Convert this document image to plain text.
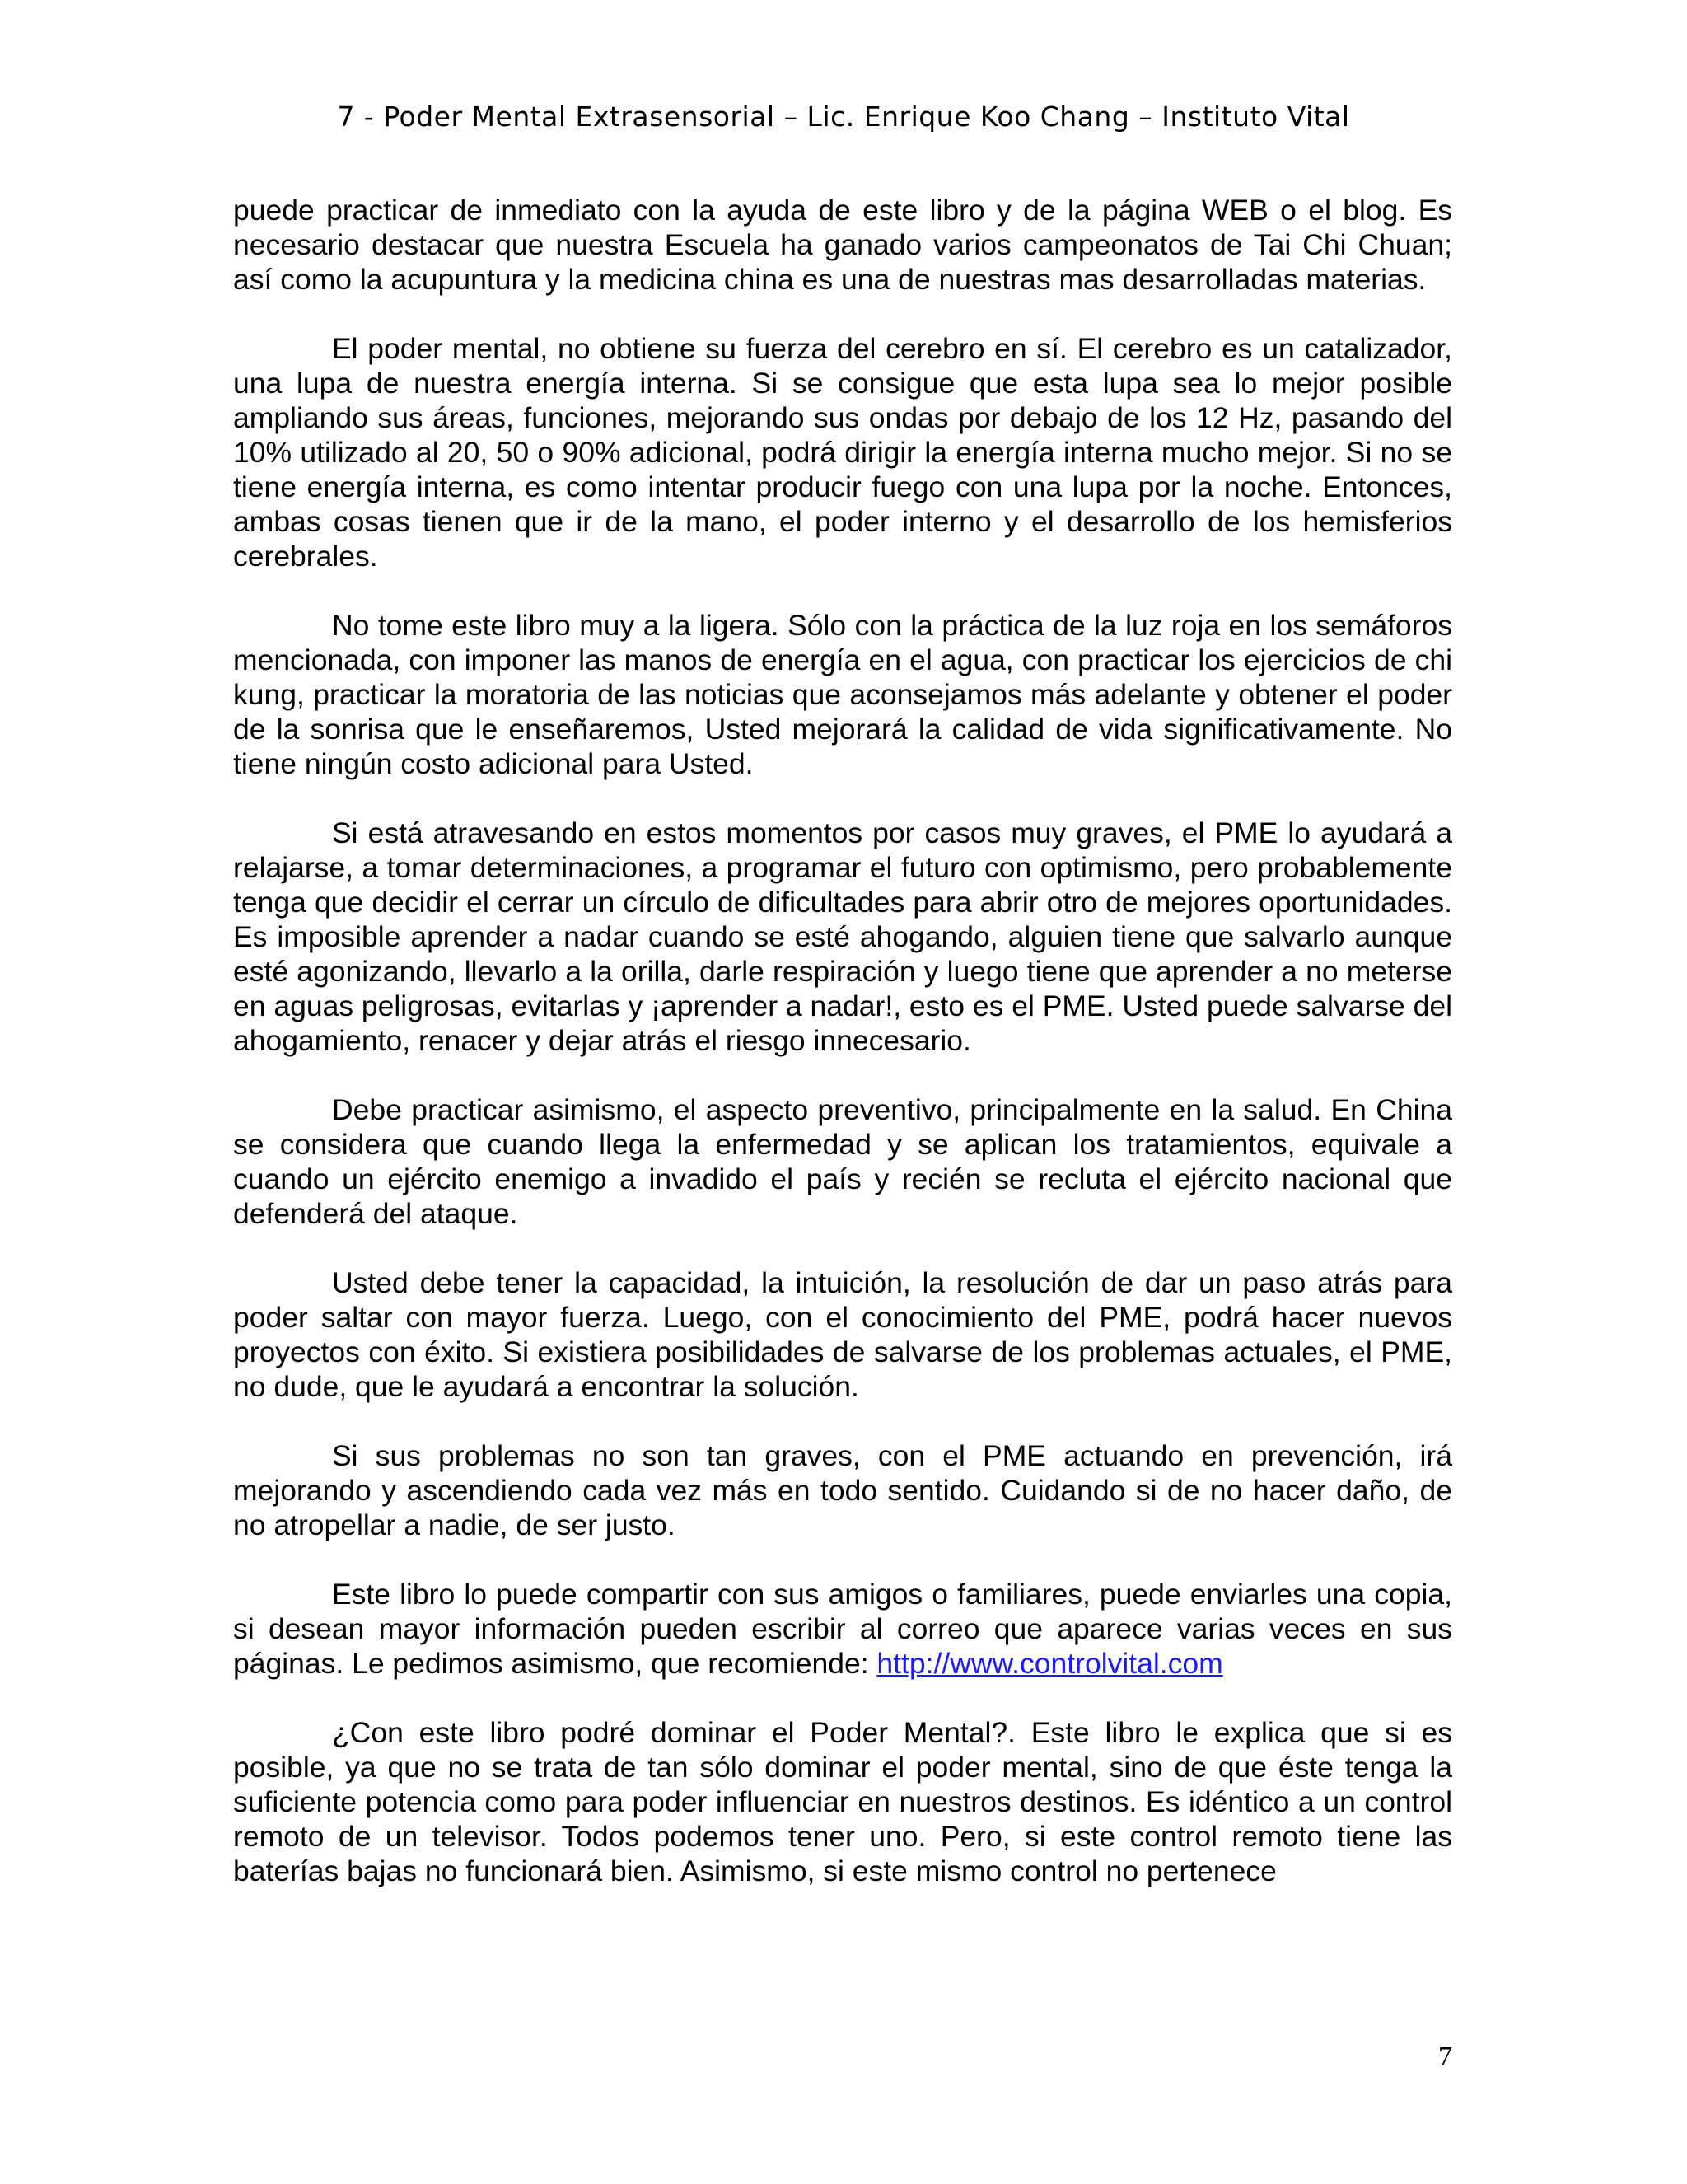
7 - Poder Mental Extrasensorial – Lic. Enrique Koo Chang – Instituto Vital

puede practicar de inmediato con la ayuda de este libro y de la página WEB o el blog. Es necesario destacar que nuestra Escuela ha ganado varios campeonatos de Tai Chi Chuan; así como la acupuntura y la medicina china es una de nuestras mas desarrolladas materias.

El poder mental, no obtiene su fuerza del cerebro en sí. El cerebro es un catalizador, una lupa de nuestra energía interna. Si se consigue que esta lupa sea lo mejor posible ampliando sus áreas, funciones, mejorando sus ondas por debajo de los 12 Hz, pasando del 10% utilizado al 20, 50 o 90% adicional, podrá dirigir la energía interna mucho mejor. Si no se tiene energía interna, es como intentar producir fuego con una lupa por la noche. Entonces, ambas cosas tienen que ir de la mano, el poder interno y el desarrollo de los hemisferios cerebrales.

No tome este libro muy a la ligera. Sólo con la práctica de la luz roja en los semáforos mencionada, con imponer las manos de energía en el agua, con practicar los ejercicios de chi kung, practicar la moratoria de las noticias que aconsejamos más adelante y obtener el poder de la sonrisa que le enseñaremos, Usted mejorará la calidad de vida significativamente. No tiene ningún costo adicional para Usted.

Si está atravesando en estos momentos por casos muy graves, el PME lo ayudará a relajarse, a tomar determinaciones, a programar el futuro con optimismo, pero probablemente tenga que decidir el cerrar un círculo de dificultades para abrir otro de mejores oportunidades. Es imposible aprender a nadar cuando se esté ahogando, alguien tiene que salvarlo aunque esté agonizando, llevarlo a la orilla, darle respiración y luego tiene que aprender a no meterse en aguas peligrosas, evitarlas y ¡aprender a nadar!, esto es el PME. Usted puede salvarse del ahogamiento, renacer y dejar atrás el riesgo innecesario.

Debe practicar asimismo, el aspecto preventivo, principalmente en la salud. En China se considera que cuando llega la enfermedad y se aplican los tratamientos, equivale a cuando un ejército enemigo a invadido el país y recién se recluta el ejército nacional que defenderá del ataque.

Usted debe tener la capacidad, la intuición, la resolución de dar un paso atrás para poder saltar con mayor fuerza. Luego, con el conocimiento del PME, podrá hacer nuevos proyectos con éxito. Si existiera posibilidades de salvarse de los problemas actuales, el PME, no dude, que le ayudará a encontrar la solución.

Si sus problemas no son tan graves, con el PME actuando en prevención, irá mejorando y ascendiendo cada vez más en todo sentido. Cuidando si de no hacer daño, de no atropellar a nadie, de ser justo.

Este libro lo puede compartir con sus amigos o familiares, puede enviarles una copia, si desean mayor información pueden escribir al correo que aparece varias veces en sus páginas. Le pedimos asimismo, que recomiende: http://www.controlvital.com

¿Con este libro podré dominar el Poder Mental?. Este libro le explica que si es posible, ya que no se trata de tan sólo dominar el poder mental, sino de que éste tenga la suficiente potencia como para poder influenciar en nuestros destinos. Es idéntico a un control remoto de un televisor. Todos podemos tener uno. Pero, si este control remoto tiene las baterías bajas no funcionará bien. Asimismo, si este mismo control no pertenece

7
